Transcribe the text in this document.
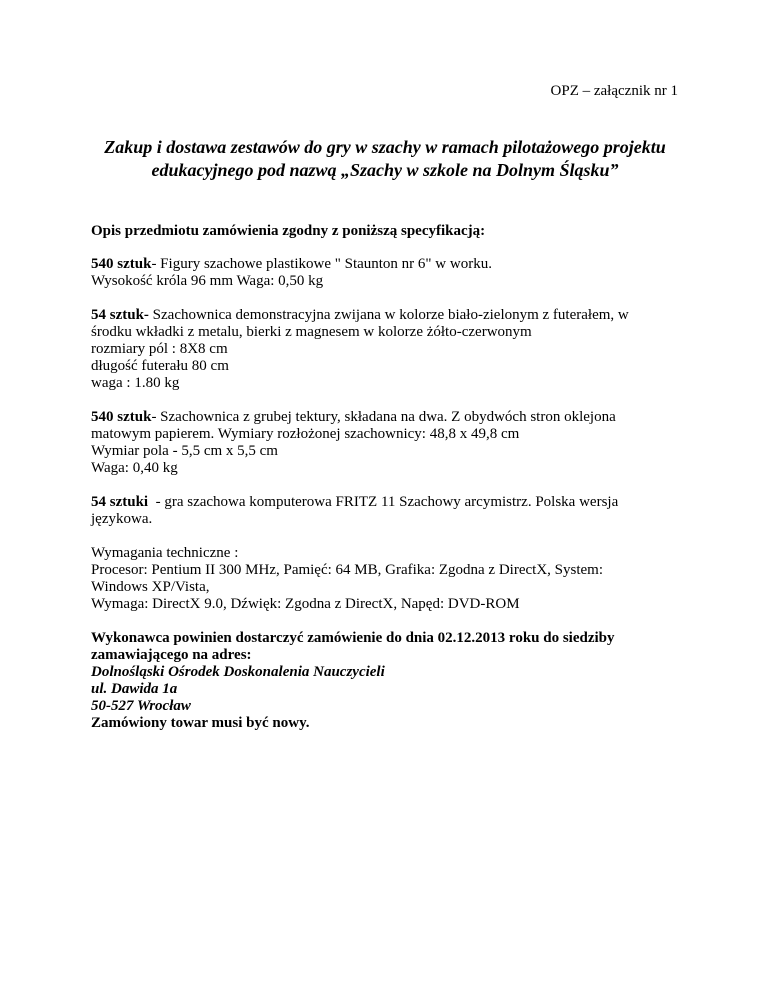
OPZ – załącznik nr 1
Zakup i dostawa zestawów do gry w szachy w ramach pilotażowego projektu
edukacyjnego pod nazwą „Szachy w szkole na Dolnym Śląsku”

Opis przedmiotu zamówienia zgodny z poniższą specyfikacją:

540 sztuk- Figury szachowe plastikowe " Staunton nr 6" w worku.
Wysokość króla 96 mm Waga: 0,50 kg
54 sztuk- Szachownica demonstracyjna zwijana w kolorze biało-zielonym z futerałem, w
środku wkładki z metalu, bierki z magnesem w kolorze żółto-czerwonym
rozmiary pól : 8X8 cm
długość futerału 80 cm
waga : 1.80 kg
540 sztuk- Szachownica z grubej tektury, składana na dwa. Z obydwóch stron oklejona
matowym papierem. Wymiary rozłożonej szachownicy: 48,8 x 49,8 cm
Wymiar pola - 5,5 cm x 5,5 cm
Waga: 0,40 kg
54 sztuki  - gra szachowa komputerowa FRITZ 11 Szachowy arcymistrz. Polska wersja
językowa.
Wymagania techniczne :
Procesor: Pentium II 300 MHz, Pamięć: 64 MB, Grafika: Zgodna z DirectX, System:
Windows XP/Vista,
Wymaga: DirectX 9.0, Dźwięk: Zgodna z DirectX, Napęd: DVD-ROM
Wykonawca powinien dostarczyć zamówienie do dnia 02.12.2013 roku do siedziby
zamawiającego na adres:
Dolnośląski Ośrodek Doskonalenia Nauczycieli
ul. Dawida 1a
50-527 Wrocław
Zamówiony towar musi być nowy.
